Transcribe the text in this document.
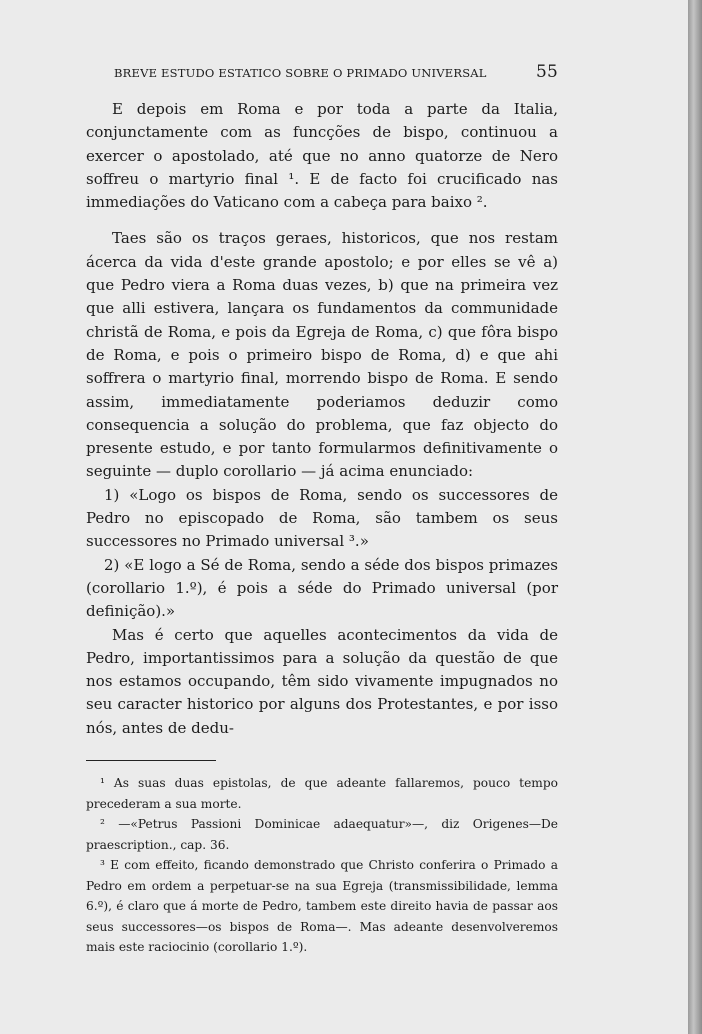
BREVE ESTUDO ESTATICO SOBRE O PRIMADO UNIVERSAL	55

E depois em Roma e por toda a parte da Italia, conjunctamente com as funcções de bispo, continuou a exercer o apostolado, até que no anno quatorze de Nero soffreu o martyrio final ¹. E de facto foi crucificado nas immediações do Vaticano com a cabeça para baixo ².

Taes são os traços geraes, historicos, que nos restam ácerca da vida d'este grande apostolo; e por elles se vê a) que Pedro viera a Roma duas vezes, b) que na primeira vez que alli estivera, lançara os fundamentos da communidade christã de Roma, e pois da Egreja de Roma, c) que fôra bispo de Roma, e pois o primeiro bispo de Roma, d) e que ahi soffrera o martyrio final, morrendo bispo de Roma. E sendo assim, immediatamente poderiamos deduzir como consequencia a solução do problema, que faz objecto do presente estudo, e por tanto formularmos definitivamente o seguinte — duplo corollario — já acima enunciado:

1) «Logo os bispos de Roma, sendo os successores de Pedro no episcopado de Roma, são tambem os seus successores no Primado universal ³.»

2) «E logo a Sé de Roma, sendo a séde dos bispos primazes (corollario 1.º), é pois a séde do Primado universal (por definição).»

Mas é certo que aquelles acontecimentos da vida de Pedro, importantissimos para a solução da questão de que nos estamos occupando, têm sido vivamente impugnados no seu caracter historico por alguns dos Protestantes, e por isso nós, antes de dedu-

¹ As suas duas epistolas, de que adeante fallaremos, pouco tempo precederam a sua morte.

² —«Petrus Passioni Dominicae adaequatur»—, diz Origenes—De praescription., cap. 36.

³ E com effeito, ficando demonstrado que Christo conferira o Primado a Pedro em ordem a perpetuar-se na sua Egreja (transmissibilidade, lemma 6.º), é claro que á morte de Pedro, tambem este direito havia de passar aos seus successores—os bispos de Roma—. Mas adeante desenvolveremos mais este raciocinio (corollario 1.º).
